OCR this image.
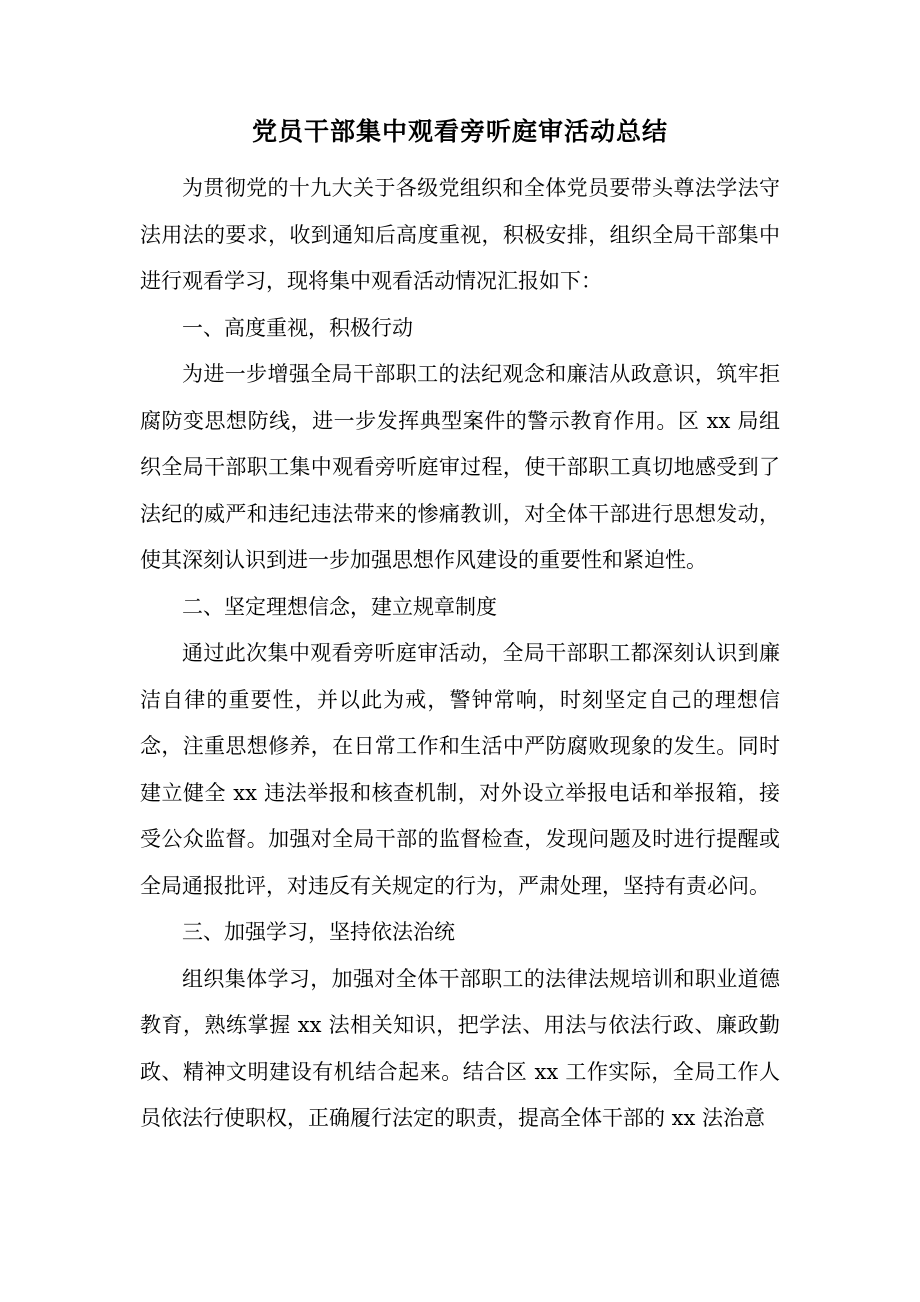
党员干部集中观看旁听庭审活动总结

为贯彻党的十九大关于各级党组织和全体党员要带头尊法学法守法用法的要求，收到通知后高度重视，积极安排，组织全局干部集中进行观看学习，现将集中观看活动情况汇报如下：

一、高度重视，积极行动

为进一步增强全局干部职工的法纪观念和廉洁从政意识，筑牢拒腐防变思想防线，进一步发挥典型案件的警示教育作用。区 xx 局组织全局干部职工集中观看旁听庭审过程，使干部职工真切地感受到了法纪的威严和违纪违法带来的惨痛教训，对全体干部进行思想发动，使其深刻认识到进一步加强思想作风建设的重要性和紧迫性。

二、坚定理想信念，建立规章制度

通过此次集中观看旁听庭审活动，全局干部职工都深刻认识到廉洁自律的重要性，并以此为戒，警钟常响，时刻坚定自己的理想信念，注重思想修养，在日常工作和生活中严防腐败现象的发生。同时建立健全 xx 违法举报和核查机制，对外设立举报电话和举报箱，接受公众监督。加强对全局干部的监督检查，发现问题及时进行提醒或全局通报批评，对违反有关规定的行为，严肃处理，坚持有责必问。

三、加强学习，坚持依法治统

组织集体学习，加强对全体干部职工的法律法规培训和职业道德教育，熟练掌握 xx 法相关知识，把学法、用法与依法行政、廉政勤政、精神文明建设有机结合起来。结合区 xx 工作实际，全局工作人员依法行使职权，正确履行法定的职责，提高全体干部的 xx 法治意
